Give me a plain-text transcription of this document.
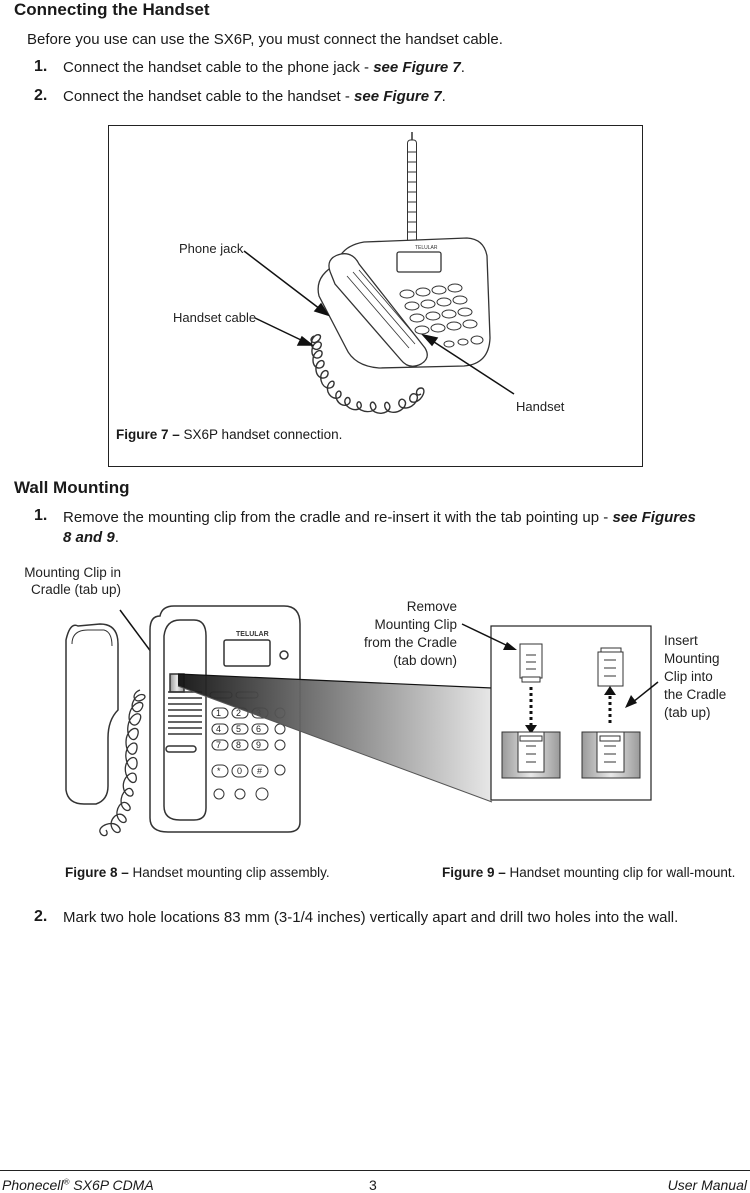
Connecting the Handset
Before you use can use the SX6P, you must connect the handset cable.
1. Connect the handset cable to the phone jack - see Figure 7.
2. Connect the handset cable to the handset - see Figure 7.
TELULAR
Phone jack
Handset cable
Handset
Figure 7 – SX6P handset connection.
Wall Mounting
1. Remove the mounting clip from the cradle and re-insert it with the tab pointing up - see Figures
8 and 9.
Mounting Clip in
Cradle (tab up)
TELULAR
1 2
4 5 6
7 8 9
* 0 #
Remove
Mounting Clip
from the Cradle
(tab down)
Insert
Mounting
Clip into
the Cradle
(tab up)
Figure 8 – Handset mounting clip assembly.	Figure 9 – Handset mounting clip for wall-mount.
2. Mark two hole locations 83 mm (3-1/4 inches) vertically apart and drill two holes into the wall.
Phonecell® SX6P CDMA	3	User Manual
